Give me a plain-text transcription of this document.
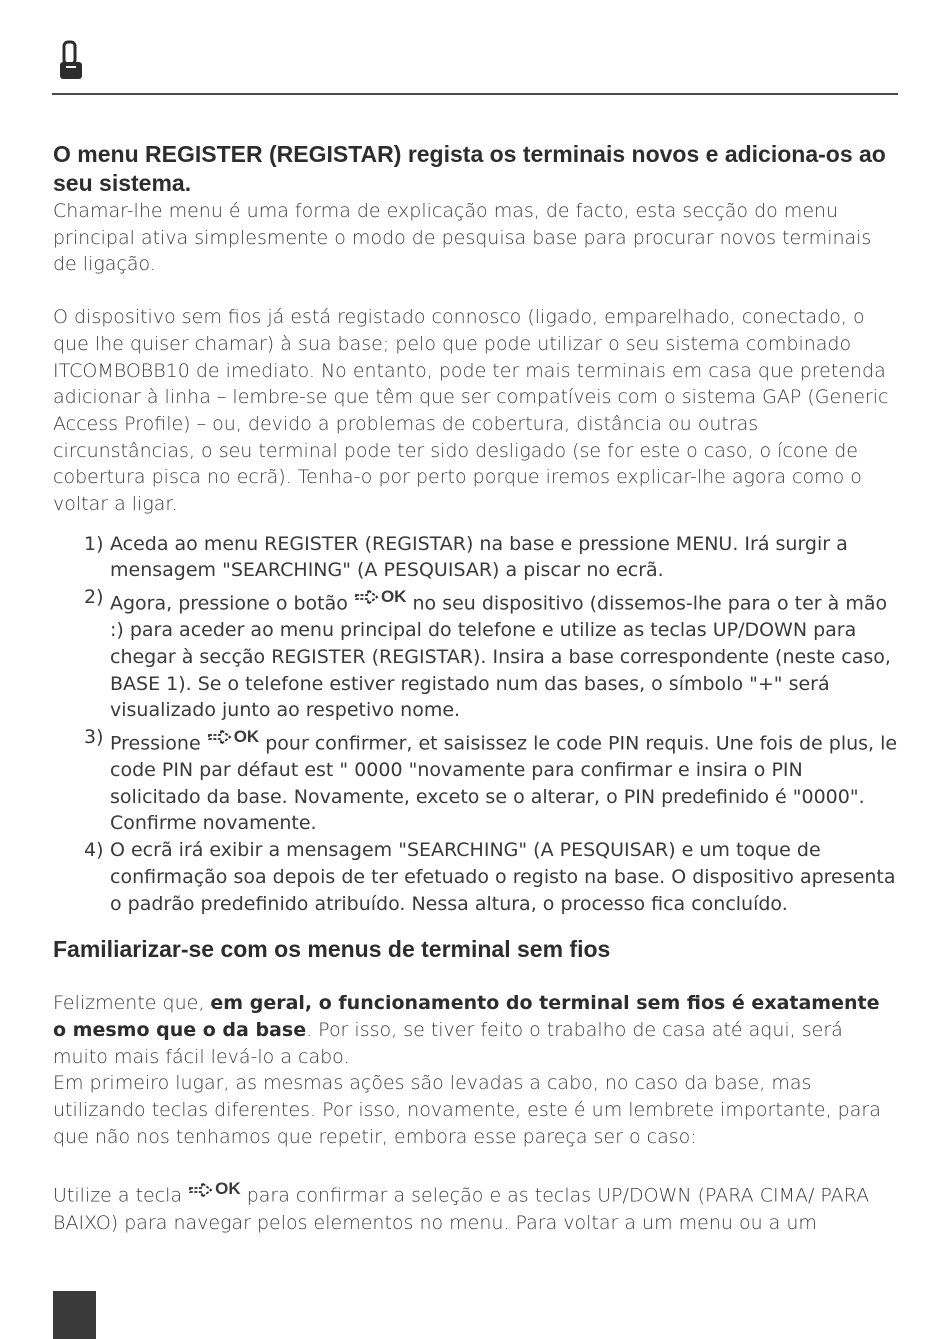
O menu REGISTER (REGISTAR) regista os terminais novos e adiciona-os ao seu sistema.

Chamar-lhe menu é uma forma de explicação mas, de facto, esta secção do menu principal ativa simplesmente o modo de pesquisa base para procurar novos terminais de ligação.

O dispositivo sem fios já está registado connosco (ligado, emparelhado, conectado, o que lhe quiser chamar) à sua base; pelo que pode utilizar o seu sistema combinado ITCOMBOBB10 de imediato. No entanto, pode ter mais terminais em casa que pretenda adicionar à linha – lembre-se que têm que ser compatíveis com o sistema GAP (Generic Access Profile) – ou, devido a problemas de cobertura, distância ou outras circunstâncias, o seu terminal pode ter sido desligado (se for este o caso, o ícone de cobertura pisca no ecrã). Tenha-o por perto porque iremos explicar-lhe agora como o voltar a ligar.

1) Aceda ao menu REGISTER (REGISTAR) na base e pressione MENU. Irá surgir a mensagem "SEARCHING" (A PESQUISAR) a piscar no ecrã.
2) Agora, pressione o botão OK no seu dispositivo (dissemos-lhe para o ter à mão :) para aceder ao menu principal do telefone e utilize as teclas UP/DOWN para chegar à secção REGISTER (REGISTAR). Insira a base correspondente (neste caso, BASE 1). Se o telefone estiver registado num das bases, o símbolo "+" será visualizado junto ao respetivo nome.
3) Pressione OK pour confirmer, et saisissez le code PIN requis. Une fois de plus, le code PIN par défaut est " 0000 "novamente para confirmar e insira o PIN solicitado da base. Novamente, exceto se o alterar, o PIN predefinido é "0000". Confirme novamente.
4) O ecrã irá exibir a mensagem "SEARCHING" (A PESQUISAR) e um toque de confirmação soa depois de ter efetuado o registo na base. O dispositivo apresenta o padrão predefinido atribuído. Nessa altura, o processo fica concluído.
Familiarizar-se com os menus de terminal sem fios

Felizmente que, em geral, o funcionamento do terminal sem fios é exatamente o mesmo que o da base. Por isso, se tiver feito o trabalho de casa até aqui, será muito mais fácil levá-lo a cabo.

Em primeiro lugar, as mesmas ações são levadas a cabo, no caso da base, mas utilizando teclas diferentes. Por isso, novamente, este é um lembrete importante, para que não nos tenhamos que repetir, embora esse pareça ser o caso:

Utilize a tecla OK para confirmar a seleção e as teclas UP/DOWN (PARA CIMA/ PARA BAIXO) para navegar pelos elementos no menu. Para voltar a um menu ou a um
